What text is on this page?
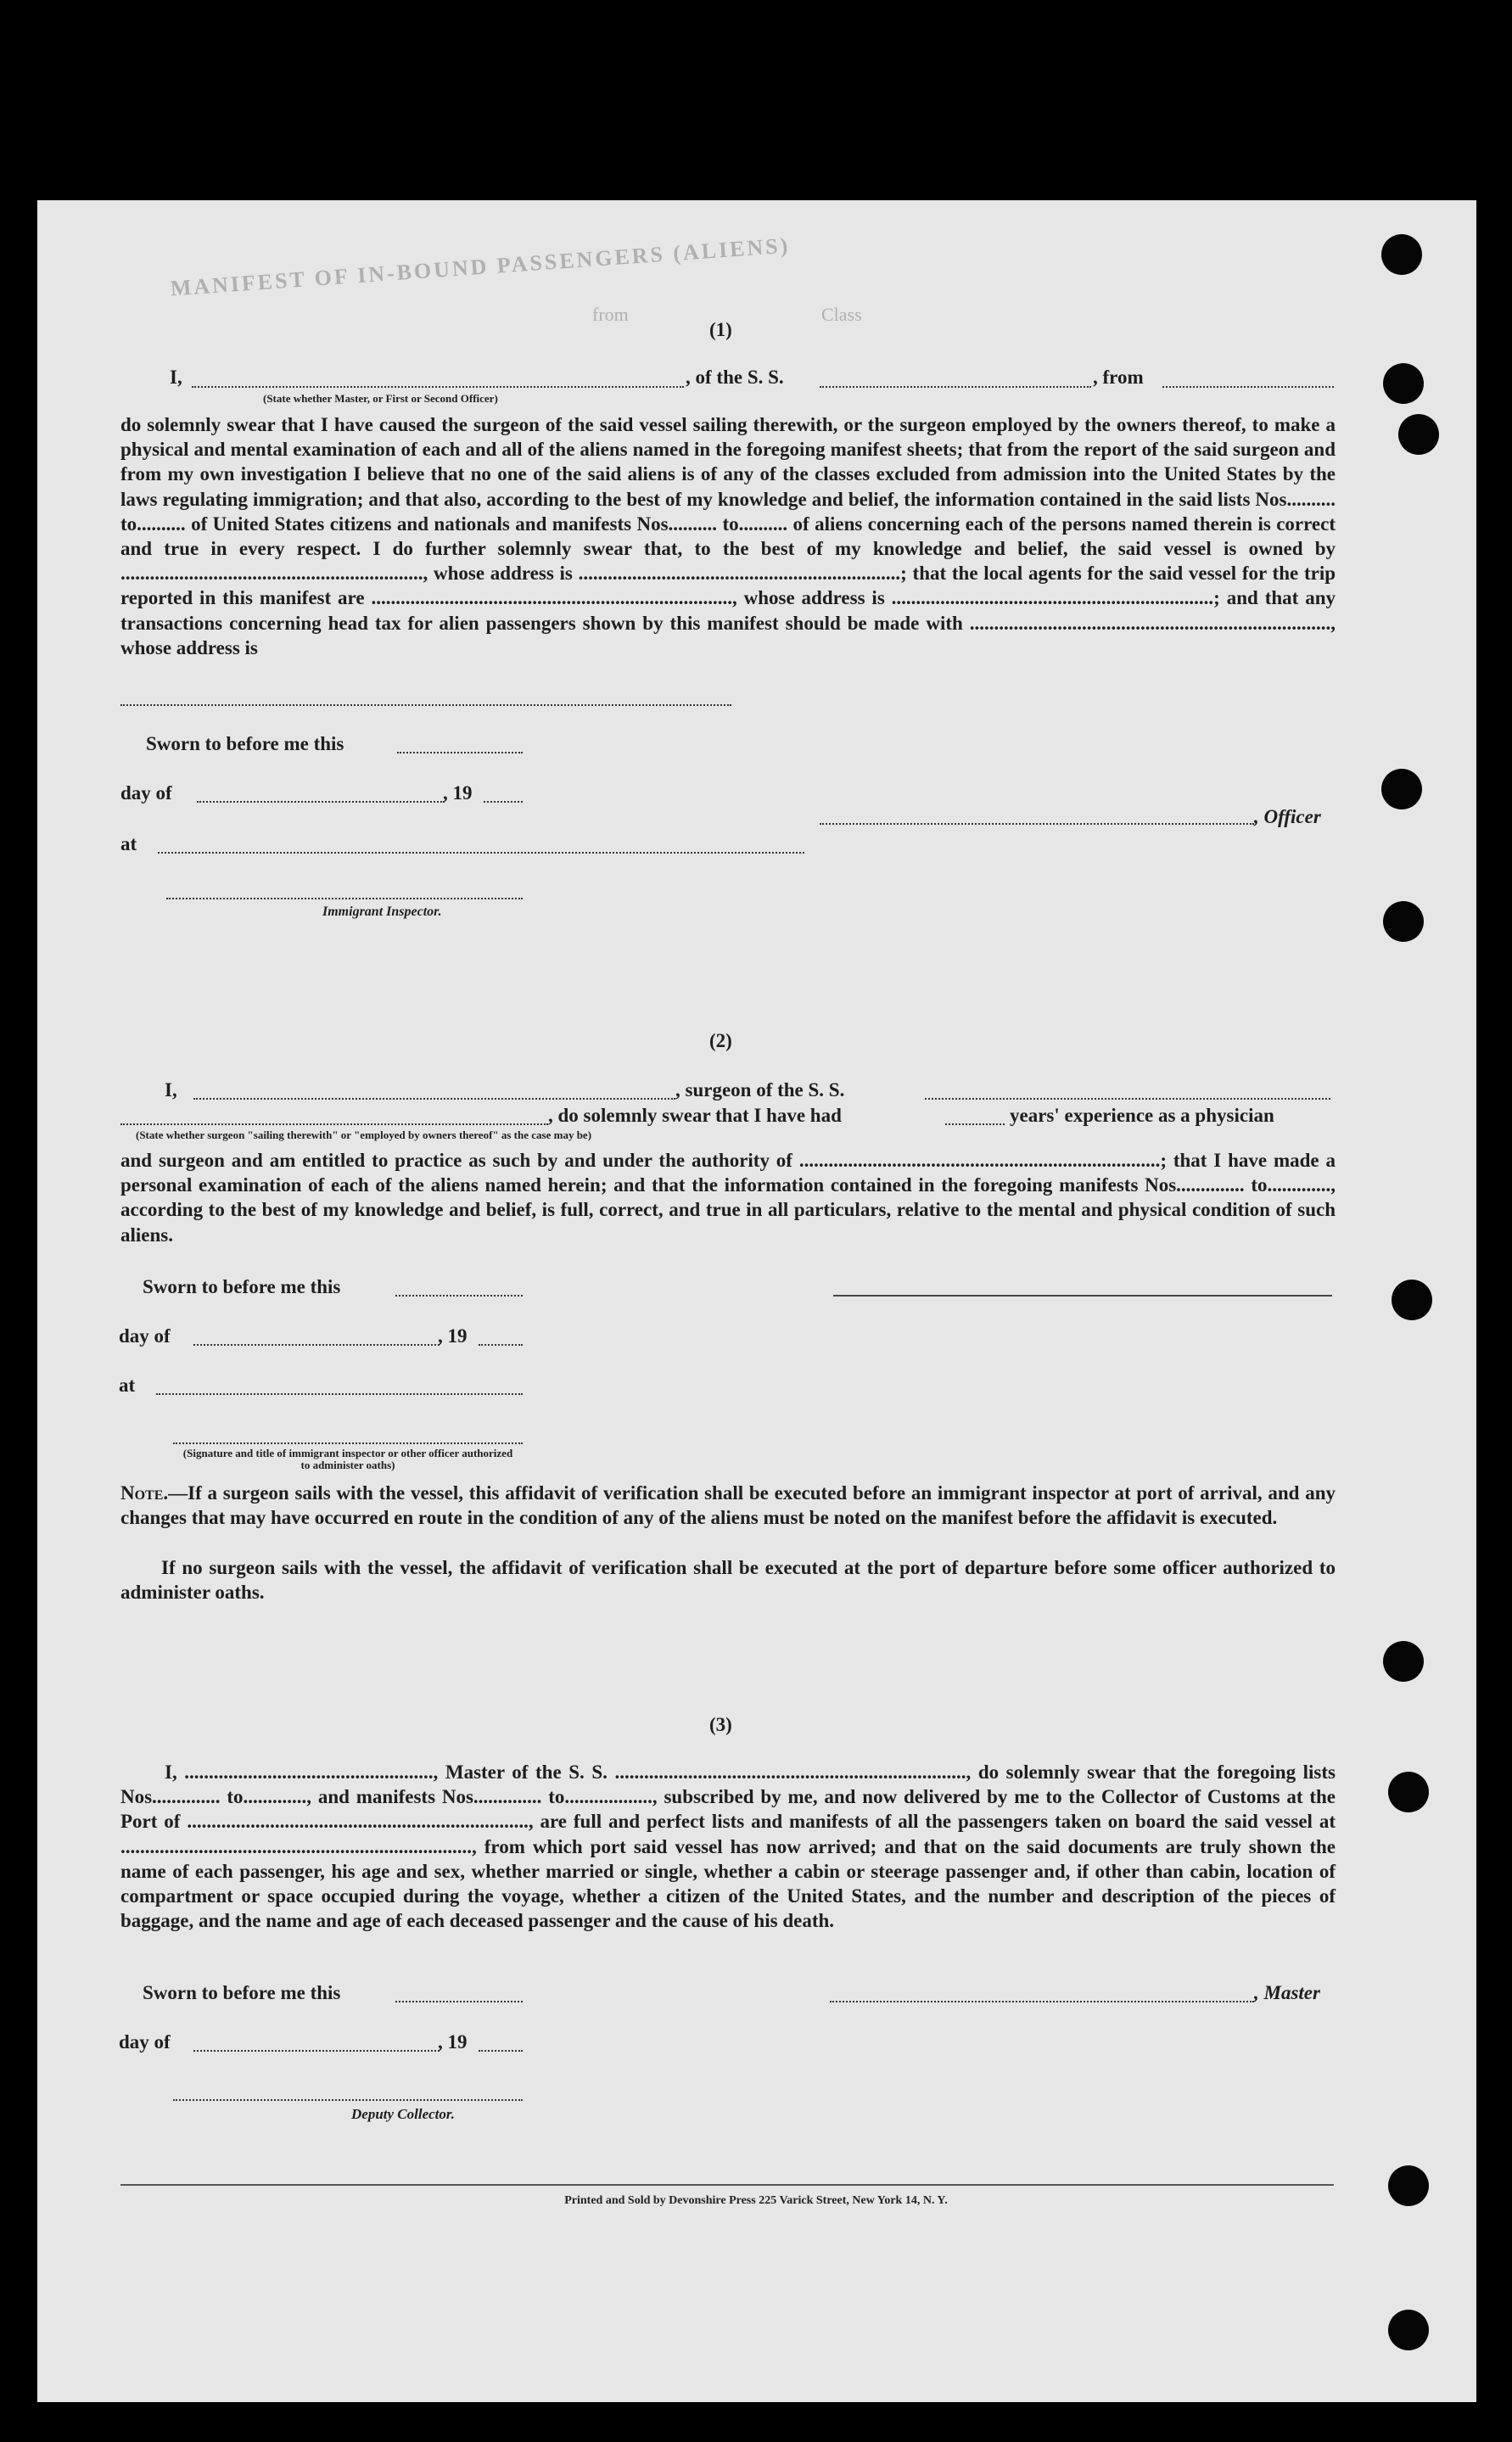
MANIFEST OF IN-BOUND PASSENGERS (ALIENS)
from	Class
(1)
I,	, of the S. S.	, from
(State whether Master, or First or Second Officer)
do solemnly swear that I have caused the surgeon of the said vessel sailing therewith, or the surgeon employed by the owners thereof, to make a physical and mental examination of each and all of the aliens named in the foregoing manifest sheets; that from the report of the said surgeon and from my own investigation I believe that no one of the said aliens is of any of the classes excluded from admission into the United States by the laws regulating immigration; and that also, according to the best of my knowledge and belief, the information contained in the said lists Nos.......... to.......... of United States citizens and nationals and manifests Nos.......... to.......... of aliens concerning each of the persons named therein is correct and true in every respect. I do further solemnly swear that, to the best of my knowledge and belief, the said vessel is owned by .............................................................., whose address is ..................................................................; that the local agents for the said vessel for the trip reported in this manifest are .........................................................................., whose address is ..................................................................; and that any transactions concerning head tax for alien passengers shown by this manifest should be made with .........................................................................., whose address is
Sworn to before me this
day of	, 19
, Officer
at
Immigrant Inspector.
(2)
I,	, surgeon of the S. S.
, do solemnly swear that I have had	years' experience as a physician
(State whether surgeon "sailing therewith" or "employed by owners thereof" as the case may be)
and surgeon and am entitled to practice as such by and under the authority of ..........................................................................; that I have made a personal examination of each of the aliens named herein; and that the information contained in the foregoing manifests Nos.............. to............., according to the best of my knowledge and belief, is full, correct, and true in all particulars, relative to the mental and physical condition of such aliens.
Sworn to before me this
day of	, 19
at
(Signature and title of immigrant inspector or other officer authorized to administer oaths)
Note.—If a surgeon sails with the vessel, this affidavit of verification shall be executed before an immigrant inspector at port of arrival, and any changes that may have occurred en route in the condition of any of the aliens must be noted on the manifest before the affidavit is executed.
If no surgeon sails with the vessel, the affidavit of verification shall be executed at the port of departure before some officer authorized to administer oaths.
(3)
I, ..................................................., Master of the S. S. ........................................................................, do solemnly swear that the foregoing lists Nos.............. to............., and manifests Nos.............. to.................., subscribed by me, and now delivered by me to the Collector of Customs at the Port of ......................................................................, are full and perfect lists and manifests of all the passengers taken on board the said vessel at ........................................................................, from which port said vessel has now arrived; and that on the said documents are truly shown the name of each passenger, his age and sex, whether married or single, whether a cabin or steerage passenger and, if other than cabin, location of compartment or space occupied during the voyage, whether a citizen of the United States, and the number and description of the pieces of baggage, and the name and age of each deceased passenger and the cause of his death.
Sworn to before me this	, Master
day of	, 19
Deputy Collector.
Printed and Sold by Devonshire Press 225 Varick Street, New York 14, N. Y.
